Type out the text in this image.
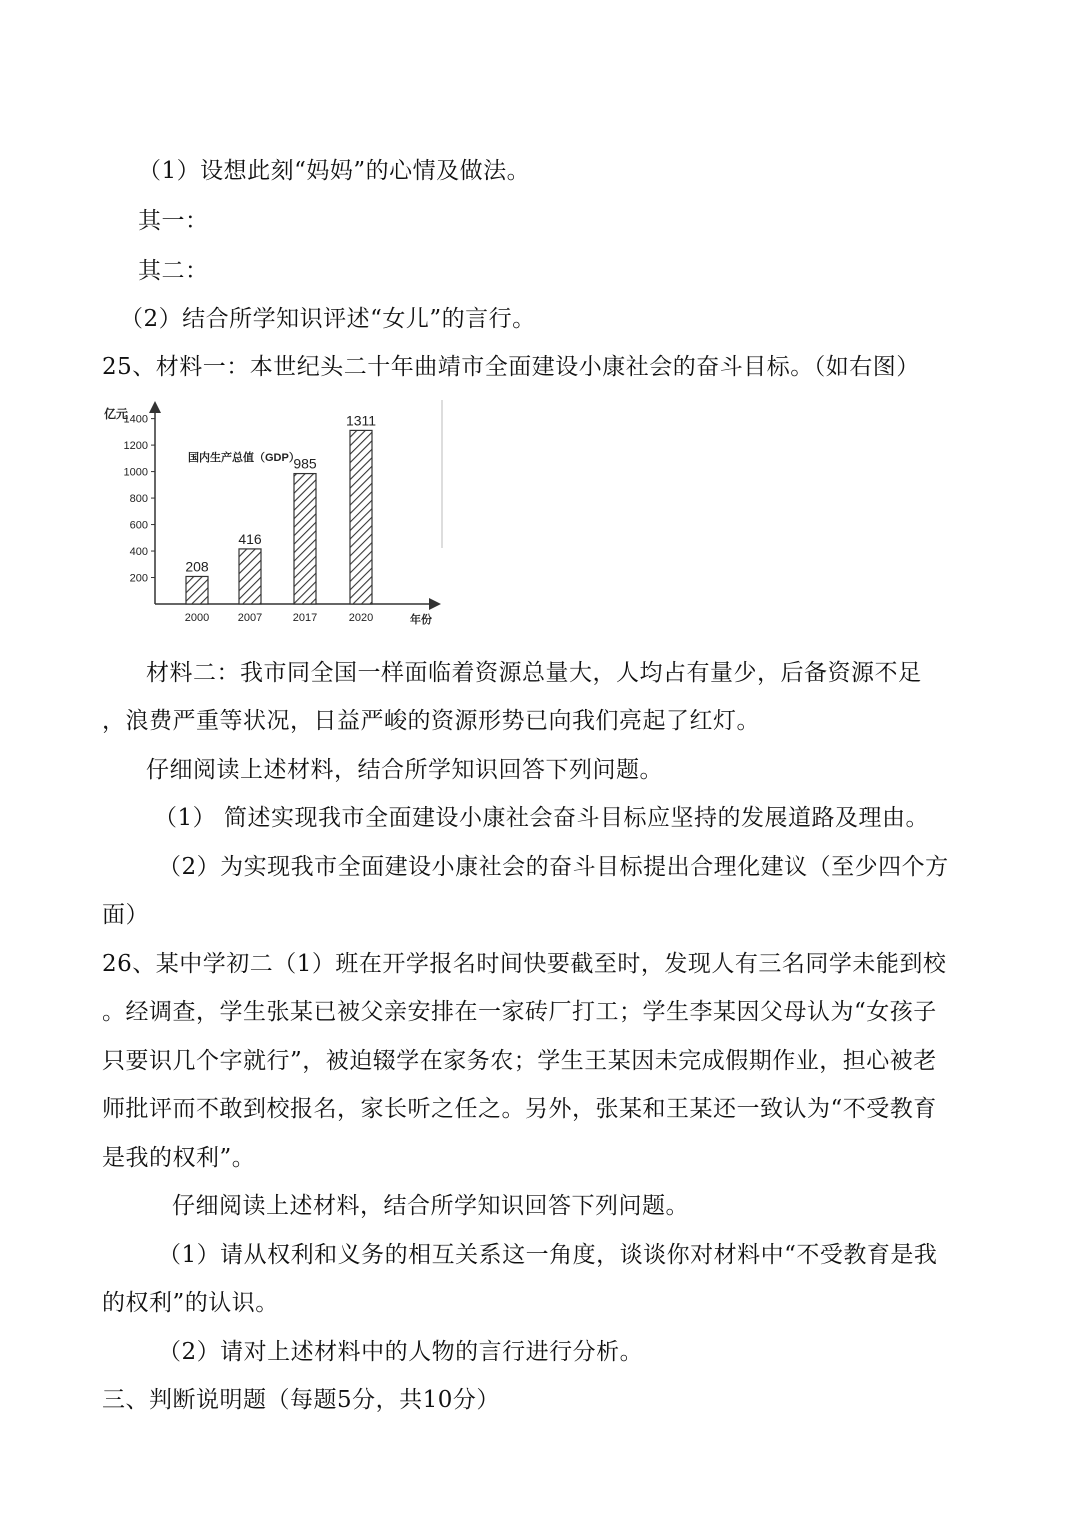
（1）设想此刻“妈妈”的心情及做法。
其一：
其二：
（2）结合所学知识评述“女儿”的言行。
25、材料一：本世纪头二十年曲靖市全面建设小康社会的奋斗目标。（如右图）
亿元
年份
国内生产总值（GDP）
200
400
600
800
1000
1200
1400
208
2000
416
2007
985
2017
1311
2020
材料二：我市同全国一样面临着资源总量大，人均占有量少，后备资源不足
，浪费严重等状况，日益严峻的资源形势已向我们亮起了红灯。
仔细阅读上述材料，结合所学知识回答下列问题。
（1） 简述实现我市全面建设小康社会奋斗目标应坚持的发展道路及理由。
（2）为实现我市全面建设小康社会的奋斗目标提出合理化建议（至少四个方
面）
26、某中学初二（1）班在开学报名时间快要截至时，发现人有三名同学未能到校
。经调查，学生张某已被父亲安排在一家砖厂打工；学生李某因父母认为“女孩子
只要识几个字就行”，被迫辍学在家务农；学生王某因未完成假期作业，担心被老
师批评而不敢到校报名，家长听之任之。另外，张某和王某还一致认为“不受教育
是我的权利”。
仔细阅读上述材料，结合所学知识回答下列问题。
（1）请从权利和义务的相互关系这一角度，谈谈你对材料中“不受教育是我
的权利”的认识。
（2）请对上述材料中的人物的言行进行分析。
三、判断说明题（每题5分，共10分）
